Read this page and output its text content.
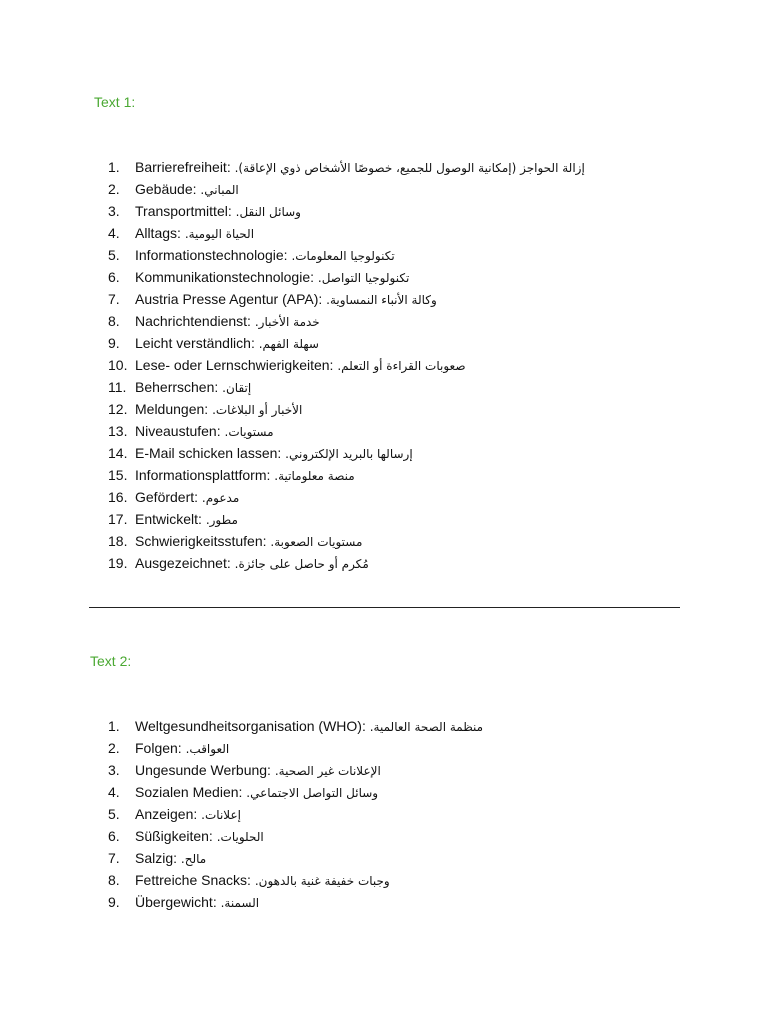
Text 1:
1. Barrierefreiheit: إزالة الحواجز (إمكانية الوصول للجميع، خصوصًا الأشخاص ذوي الإعاقة).
2. Gebäude: المباني.
3. Transportmittel: وسائل النقل.
4. Alltags: الحياة اليومية.
5. Informationstechnologie: تكنولوجيا المعلومات.
6. Kommunikationstechnologie: تكنولوجيا التواصل.
7. Austria Presse Agentur (APA): وكالة الأنباء النمساوية.
8. Nachrichtendienst: خدمة الأخبار.
9. Leicht verständlich: سهلة الفهم.
10. Lese- oder Lernschwierigkeiten: صعوبات القراءة أو التعلم.
11. Beherrschen: إتقان.
12. Meldungen: الأخبار أو البلاغات.
13. Niveaustufen: مستويات.
14. E-Mail schicken lassen: إرسالها بالبريد الإلكتروني.
15. Informationsplattform: منصة معلوماتية.
16. Gefördert: مدعوم.
17. Entwickelt: مطور.
18. Schwierigkeitsstufen: مستويات الصعوبة.
19. Ausgezeichnet: مُكرم أو حاصل على جائزة.
Text 2:
1. Weltgesundheitsorganisation (WHO): منظمة الصحة العالمية.
2. Folgen: العواقب.
3. Ungesunde Werbung: الإعلانات غير الصحية.
4. Sozialen Medien: وسائل التواصل الاجتماعي.
5. Anzeigen: إعلانات.
6. Süßigkeiten: الحلويات.
7. Salzig: مالح.
8. Fettreiche Snacks: وجبات خفيفة غنية بالدهون.
9. Übergewicht: السمنة.
